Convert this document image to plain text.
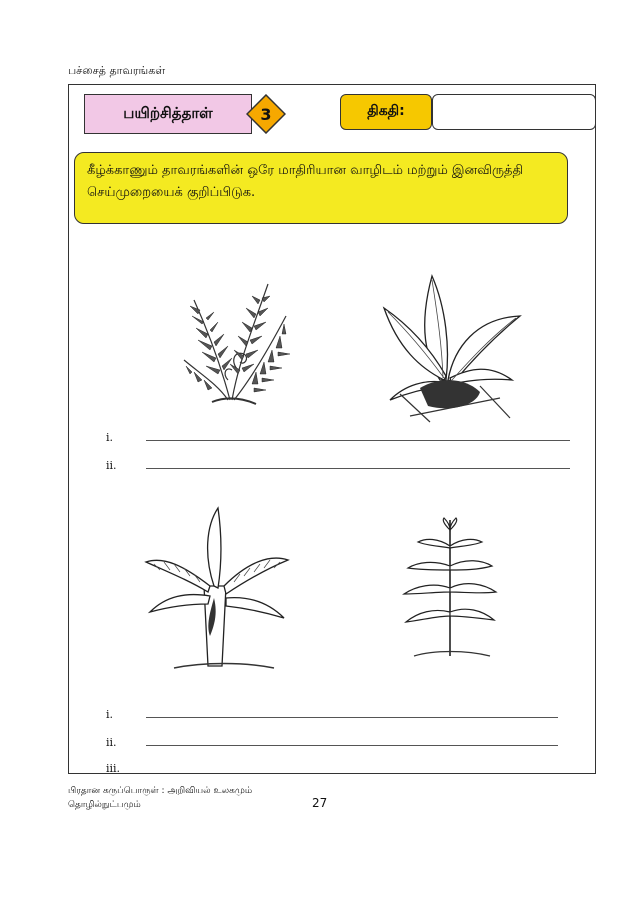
பச்சைத் தாவரங்கள்
பயிற்சித்தாள்	3	திகதி:
கீழ்க்காணும் தாவரங்களின் ஒரே மாதிரியான வாழிடம் மற்றும் இனவிருத்தி செய்முறையைக் குறிப்பிடுக.
i.
ii.
i.
ii.
iii.
பிரதான கருப்பொருள் : அறிவியல் உலகமும்
தொழில்நுட்பமும்	27
